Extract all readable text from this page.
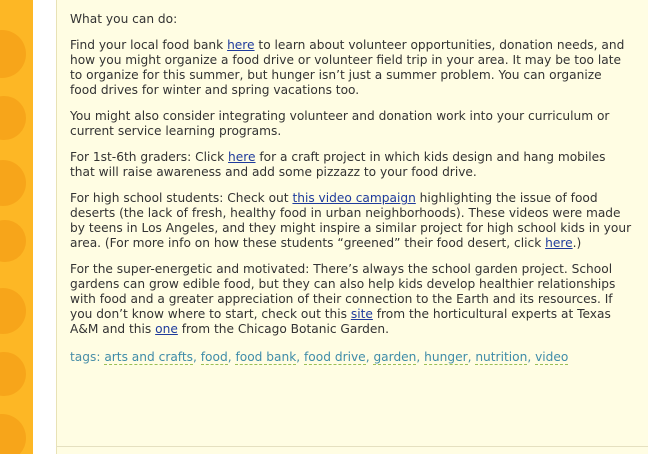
What you can do:

Find your local food bank here to learn about volunteer opportunities, donation needs, and how you might organize a food drive or volunteer field trip in your area. It may be too late to organize for this summer, but hunger isn’t just a summer problem. You can organize food drives for winter and spring vacations too.

You might also consider integrating volunteer and donation work into your curriculum or current service learning programs.

For 1st-6th graders: Click here for a craft project in which kids design and hang mobiles that will raise awareness and add some pizzazz to your food drive.

For high school students: Check out this video campaign highlighting the issue of food deserts (the lack of fresh, healthy food in urban neighborhoods). These videos were made by teens in Los Angeles, and they might inspire a similar project for high school kids in your area. (For more info on how these students “greened” their food desert, click here.)

For the super-energetic and motivated: There’s always the school garden project. School gardens can grow edible food, but they can also help kids develop healthier relationships with food and a greater appreciation of their connection to the Earth and its resources. If you don’t know where to start, check out this site from the horticultural experts at Texas A&M and this one from the Chicago Botanic Garden.

tags: arts and crafts, food, food bank, food drive, garden, hunger, nutrition, video
